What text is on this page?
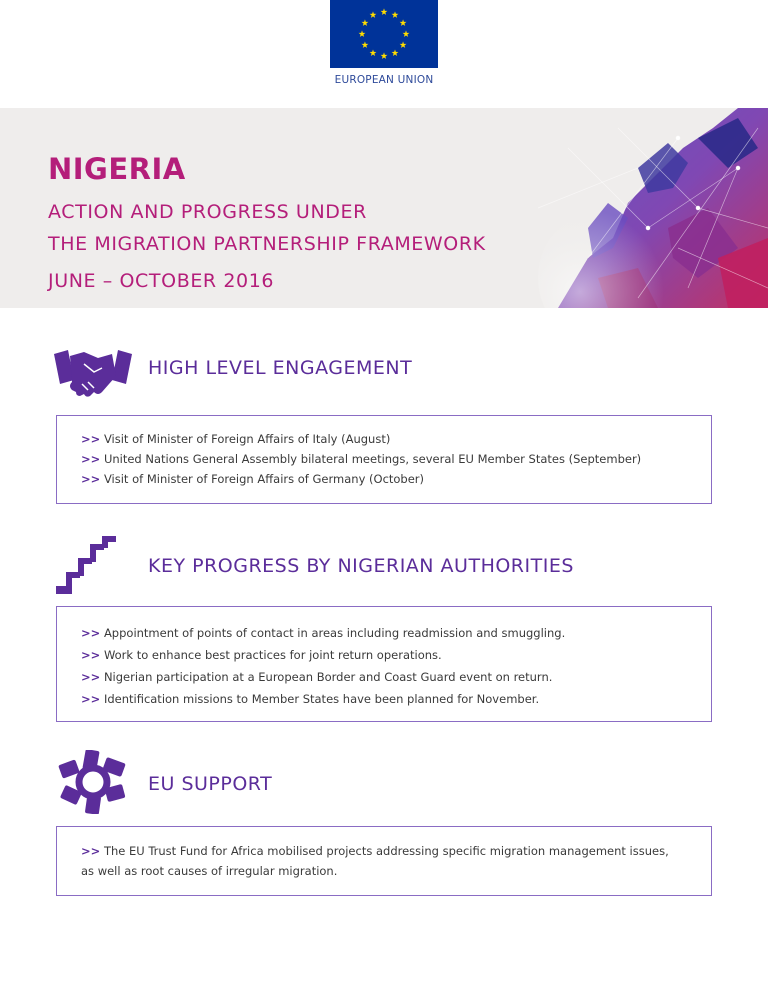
EUROPEAN UNION
NIGERIA
ACTION AND PROGRESS UNDER
THE MIGRATION PARTNERSHIP FRAMEWORK
JUNE – OCTOBER 2016
HIGH LEVEL ENGAGEMENT
>> Visit of Minister of Foreign Affairs of Italy (August)
>> United Nations General Assembly bilateral meetings, several EU Member States (September)
>> Visit of Minister of Foreign Affairs of Germany (October)
KEY PROGRESS BY NIGERIAN AUTHORITIES
>> Appointment of points of contact in areas including readmission and smuggling.
>> Work to enhance best practices for joint return operations.
>> Nigerian participation at a European Border and Coast Guard event on return.
>> Identification missions to Member States have been planned for November.
EU SUPPORT
>> The EU Trust Fund for Africa mobilised projects addressing specific migration management issues,
as well as root causes of irregular migration.
